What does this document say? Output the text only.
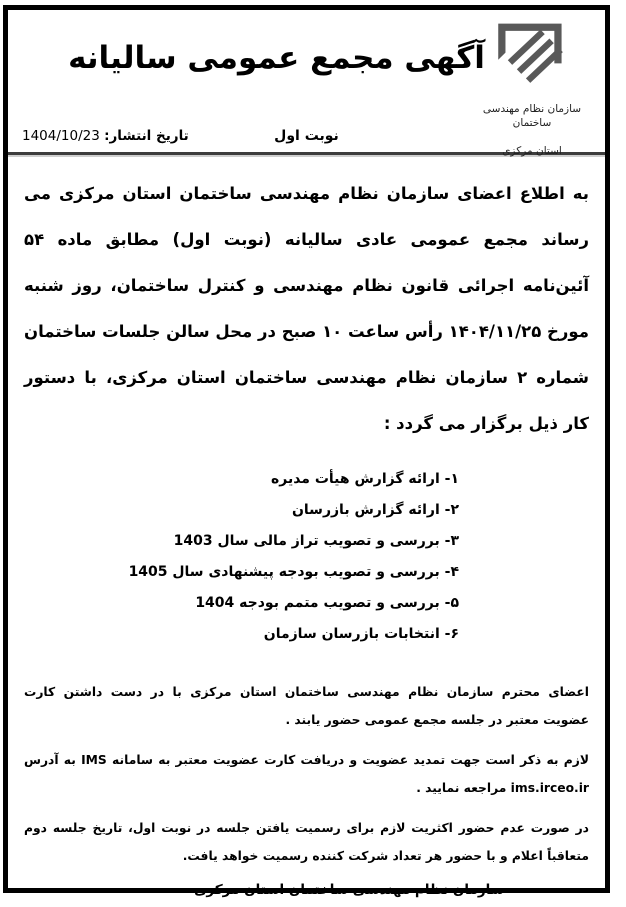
سازمان نظام مهندسی ساختمان
استان مرکزی
آگهی مجمع عمومی سالیانه
نوبت اول
تاریخ انتشار: 1404/10/23

به اطلاع اعضای سازمان نظام مهندسی ساختمان استان مرکزی می رساند مجمع عمومی عادی سالیانه (نوبت اول) مطابق ماده ۵۴ آئین‌نامه اجرائی قانون نظام مهندسی و کنترل ساختمان، روز شنبه مورخ ۱۴۰۴/۱۱/۲۵ رأس ساعت ۱۰ صبح در محل سالن جلسات ساختمان شماره ۲ سازمان نظام مهندسی ساختمان استان مرکزی، با دستور کار ذیل برگزار می گردد :

۱- ارائه گزارش هیأت مدیره
۲- ارائه گزارش بازرسان
۳- بررسی و تصویب تراز مالی سال 1403
۴- بررسی و تصویب بودجه پیشنهادی سال 1405
۵- بررسی و تصویب متمم بودجه 1404
۶- انتخابات بازرسان سازمان
اعضای محترم سازمان نظام مهندسی ساختمان استان مرکزی با در دست داشتن کارت عضویت معتبر در جلسه مجمع عمومی حضور یابند .
لازم به ذکر است جهت تمدید عضویت و دریافت کارت عضویت معتبر به سامانه IMS به آدرس ims.irceo.ir مراجعه نمایید .
در صورت عدم حضور اکثریت لازم برای رسمیت یافتن جلسه در نوبت اول، تاریخ جلسه دوم متعاقباً اعلام و با حضور هر تعداد شرکت کننده رسمیت خواهد یافت.
سازمان نظام مهندسی ساختمان استان مرکزی
